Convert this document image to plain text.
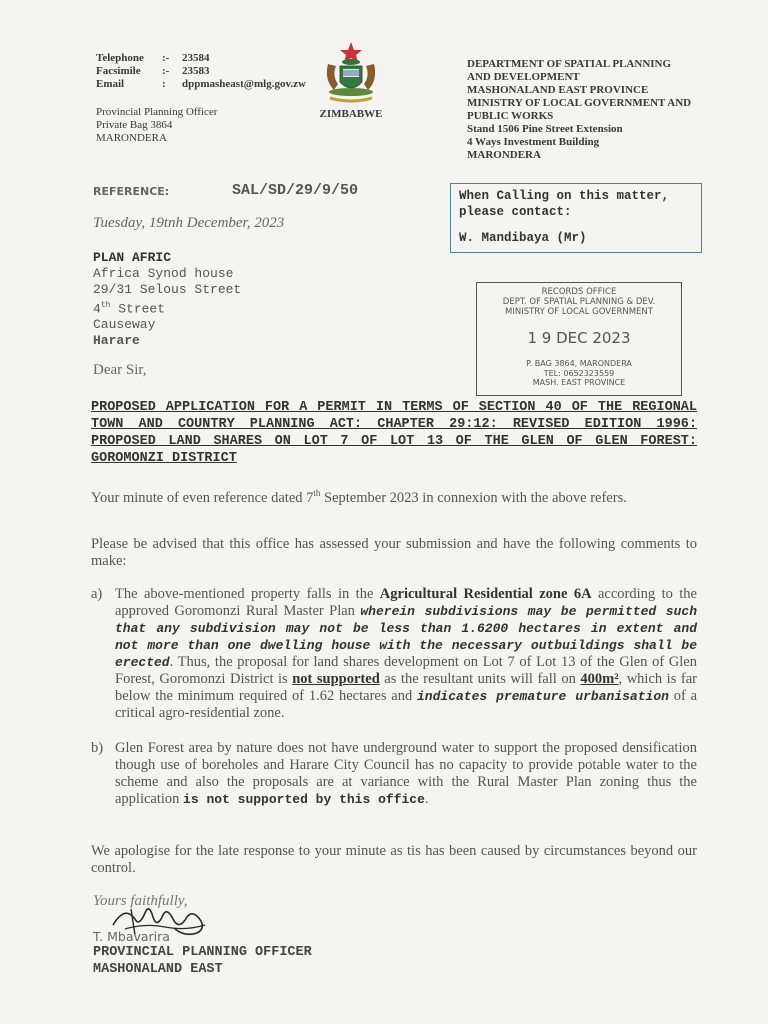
Telephone	:-	23584
Facsimile	:-	23583
Email	:	dppmasheast@mlg.gov.zw
Provincial Planning Officer
Private Bag 3864
MARONDERA
ZIMBABWE
DEPARTMENT OF SPATIAL PLANNING
AND DEVELOPMENT
MASHONALAND EAST PROVINCE
MINISTRY OF LOCAL GOVERNMENT AND
PUBLIC WORKS
Stand 1506 Pine Street Extension
4 Ways Investment Building
MARONDERA
REFERENCE:	SAL/SD/29/9/50
Tuesday, 19tnh December, 2023
When Calling on this matter,
please contact:
W. Mandibaya (Mr)
PLAN AFRIC
Africa Synod house
29/31 Selous Street
4th Street
Causeway
Harare
RECORDS OFFICE
DEPT. OF SPATIAL PLANNING & DEV.
MINISTRY OF LOCAL GOVERNMENT
1 9 DEC 2023
P. BAG 3864, MARONDERA
TEL: 0652323559
MASH. EAST PROVINCE
Dear Sir,
PROPOSED APPLICATION FOR A PERMIT IN TERMS OF SECTION 40 OF THE REGIONAL TOWN AND COUNTRY PLANNING ACT: CHAPTER 29:12: REVISED EDITION 1996: PROPOSED LAND SHARES ON LOT 7 OF LOT 13 OF THE GLEN OF GLEN FOREST: GOROMONZI DISTRICT
Your minute of even reference dated 7th September 2023 in connexion with the above refers.
Please be advised that this office has assessed your submission and have the following comments to make:
a) The above-mentioned property falls in the Agricultural Residential zone 6A according to the approved Goromonzi Rural Master Plan wherein subdivisions may be permitted such that any subdivision may not be less than 1.6200 hectares in extent and not more than one dwelling house with the necessary outbuildings shall be erected. Thus, the proposal for land shares development on Lot 7 of Lot 13 of the Glen of Glen Forest, Goromonzi District is not supported as the resultant units will fall on 400m², which is far below the minimum required of 1.62 hectares and indicates premature urbanisation of a critical agro-residential zone.
b) Glen Forest area by nature does not have underground water to support the proposed densification though use of boreholes and Harare City Council has no capacity to provide potable water to the scheme and also the proposals are at variance with the Rural Master Plan zoning thus the application is not supported by this office.
We apologise for the late response to your minute as tis has been caused by circumstances beyond our control.
Yours faithfully,
T. Mbavarira
PROVINCIAL PLANNING OFFICER
MASHONALAND EAST
